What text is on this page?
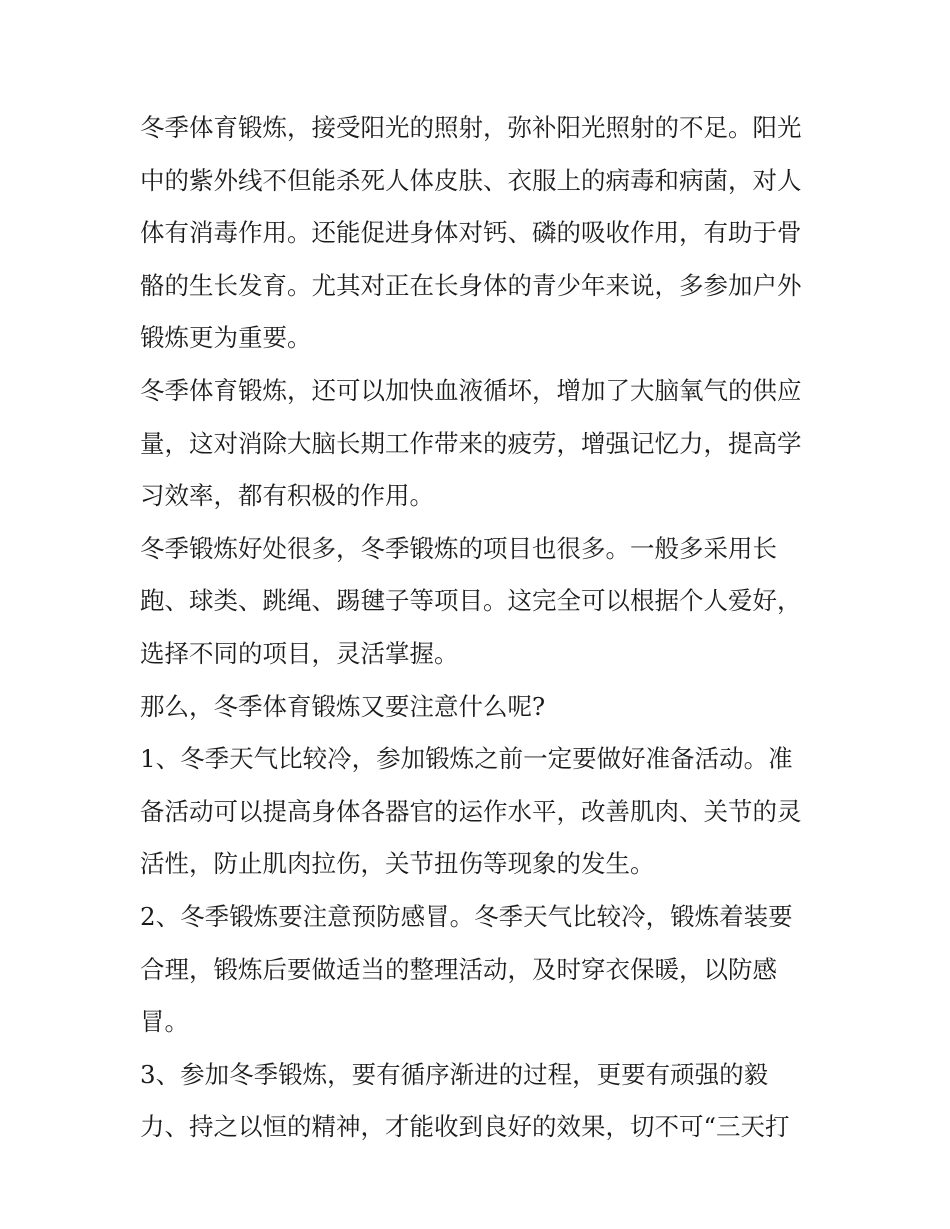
冬季体育锻炼，接受阳光的照射，弥补阳光照射的不足。阳光
中的紫外线不但能杀死人体皮肤、衣服上的病毒和病菌，对人
体有消毒作用。还能促进身体对钙、磷的吸收作用，有助于骨
骼的生长发育。尤其对正在长身体的青少年来说，多参加户外
锻炼更为重要。

冬季体育锻炼，还可以加快血液循坏，增加了大脑氧气的供应
量，这对消除大脑长期工作带来的疲劳，增强记忆力，提高学
习效率，都有积极的作用。

冬季锻炼好处很多，冬季锻炼的项目也很多。一般多采用长
跑、球类、跳绳、踢毽子等项目。这完全可以根据个人爱好，
选择不同的项目，灵活掌握。

那么，冬季体育锻炼又要注意什么呢?

1、冬季天气比较冷，参加锻炼之前一定要做好准备活动。准
备活动可以提高身体各器官的运作水平，改善肌肉、关节的灵
活性，防止肌肉拉伤，关节扭伤等现象的发生。

2、冬季锻炼要注意预防感冒。冬季天气比较冷，锻炼着装要
合理，锻炼后要做适当的整理活动，及时穿衣保暖，以防感
冒。

3、参加冬季锻炼，要有循序渐进的过程，更要有顽强的毅
力、持之以恒的精神，才能收到良好的效果，切不可“三天打
